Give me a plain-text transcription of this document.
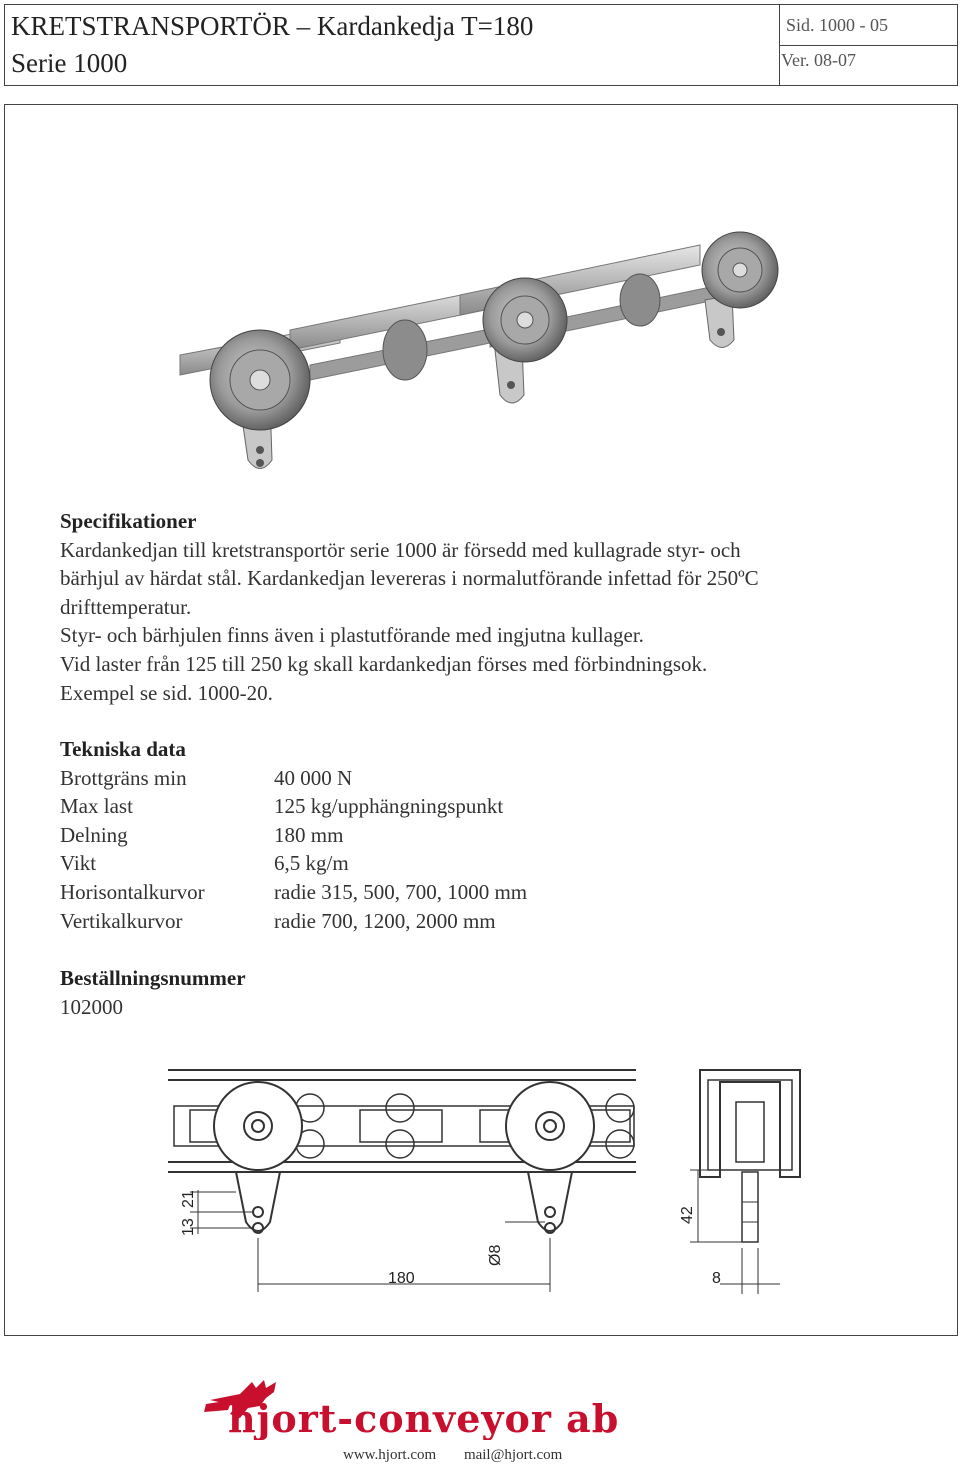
KRETSTRANSPORTÖR – Kardankedja T=180
Serie 1000
Sid. 1000 - 05
Ver. 08-07
Specifikationer
Kardankedjan till kretstransportör serie 1000 är försedd med kullagrade styr- och
bärhjul av härdat stål. Kardankedjan levereras i normalutförande infettad för 250ºC
drifttemperatur.
Styr- och bärhjulen finns även i plastutförande med ingjutna kullager.
Vid laster från 125 till 250 kg skall kardankedjan förses med förbindningsok.
Exempel se sid. 1000-20.
Tekniska data
Brottgräns min	40 000 N
Max last	125 kg/upphängningspunkt
Delning	180 mm
Vikt	6,5 kg/m
Horisontalkurvor	radie 315, 500, 700, 1000 mm
Vertikalkurvor	radie 700, 1200, 2000 mm
Beställningsnummer
102000
13
21
Ø8
180
42
8
hjort-conveyor ab
www.hjort.com mail@hjort.com
